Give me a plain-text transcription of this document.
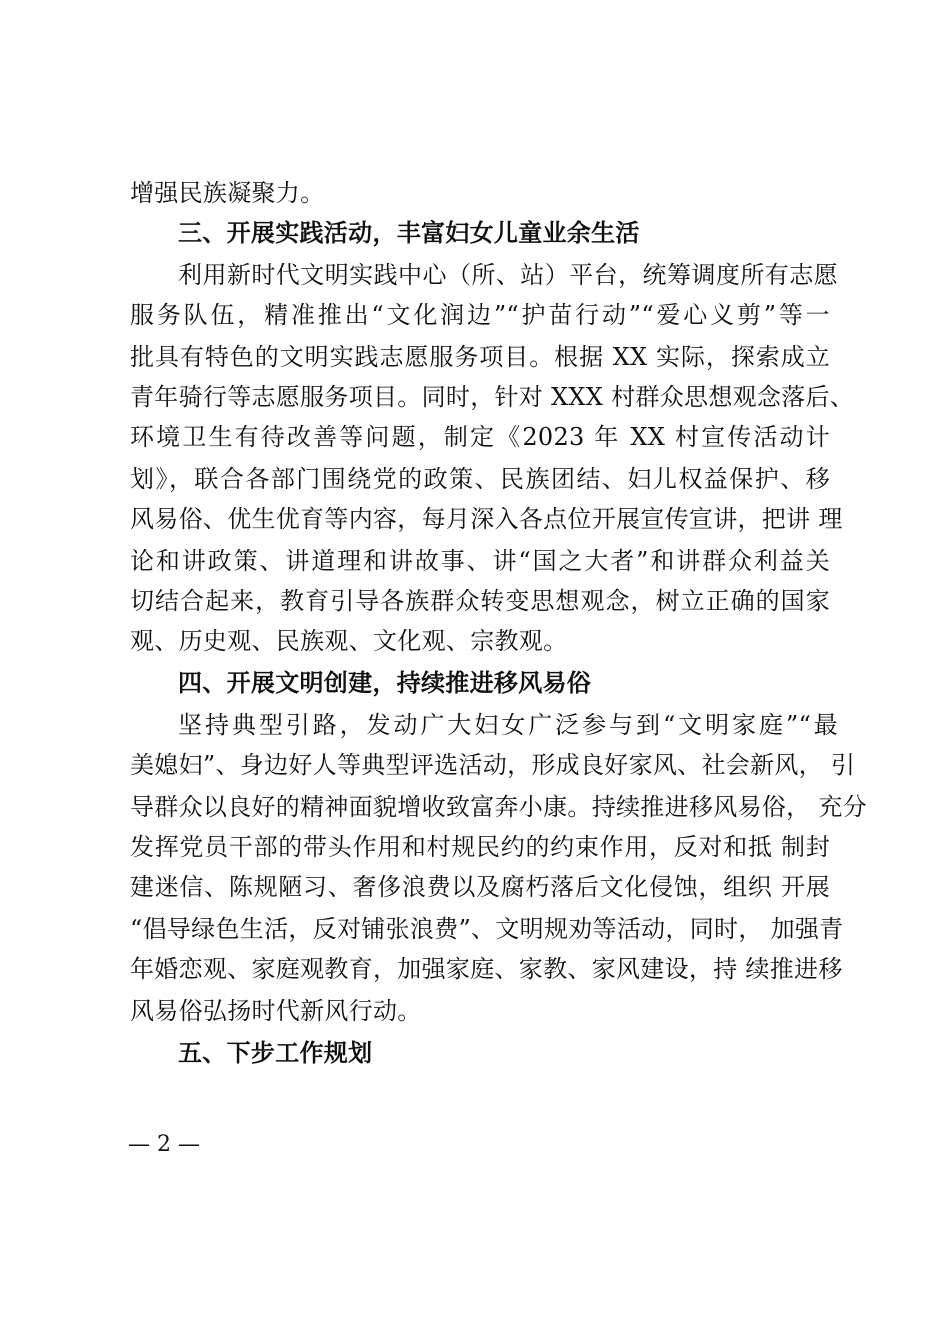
增强民族凝聚力。
三、开展实践活动，丰富妇女儿童业余生活
利用新时代文明实践中心（所、站）平台，统筹调度所有志愿
服务队伍，精准推出“文化润边”“护苗行动”“爱心义剪”等一
批具有特色的文明实践志愿服务项目。根据 XX 实际，探索成立
青年骑行等志愿服务项目。同时，针对 XXX 村群众思想观念落后、
环境卫生有待改善等问题，制定《2023 年 XX 村宣传活动计
划》，联合各部门围绕党的政策、民族团结、妇儿权益保护、移
风易俗、优生优育等内容，每月深入各点位开展宣传宣讲，把讲 理
论和讲政策、讲道理和讲故事、讲“国之大者”和讲群众利益关
切结合起来，教育引导各族群众转变思想观念，树立正确的国家
观、历史观、民族观、文化观、宗教观。
四、开展文明创建，持续推进移风易俗
坚持典型引路，发动广大妇女广泛参与到“文明家庭”“最
美媳妇”、身边好人等典型评选活动，形成良好家风、社会新风， 引
导群众以良好的精神面貌增收致富奔小康。持续推进移风易俗， 充分
发挥党员干部的带头作用和村规民约的约束作用，反对和抵 制封
建迷信、陈规陋习、奢侈浪费以及腐朽落后文化侵蚀，组织 开展
“倡导绿色生活，反对铺张浪费”、文明规劝等活动，同时， 加强青
年婚恋观、家庭观教育，加强家庭、家教、家风建设，持 续推进移
风易俗弘扬时代新风行动。
五、下步工作规划
— 2 —
